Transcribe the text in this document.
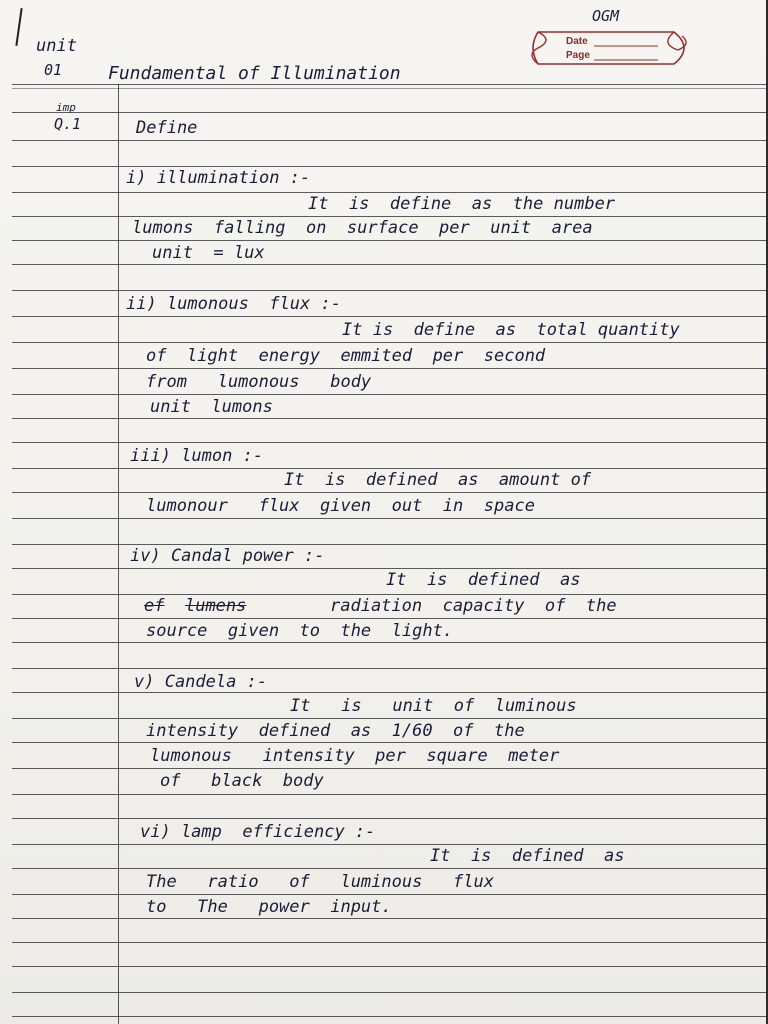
OGM

unit

01	Fundamental of Illumination

Date
Page

imp

Q.1	Define

i) illumination :-

It  is  define  as  the number

lumons  falling  on  surface  per  unit  area

unit  = lux

ii) lumonous  flux :-

It is  define  as  total quantity

of  light  energy  emmited  per  second

from   lumonous   body

unit  lumons

iii) lumon :-

It  is  defined  as  amount of

lumonour   flux  given  out  in  space

iv) Candal power :-

It  is  defined  as

ef lumens	radiation  capacity  of  the

source  given  to  the  light.

v) Candela :-

It   is   unit  of  luminous

intensity  defined  as  1/60  of  the

lumonous   intensity  per  square  meter

of   black  body

vi) lamp  efficiency :-

It  is  defined  as

The   ratio   of   luminous   flux

to   The   power  input.
